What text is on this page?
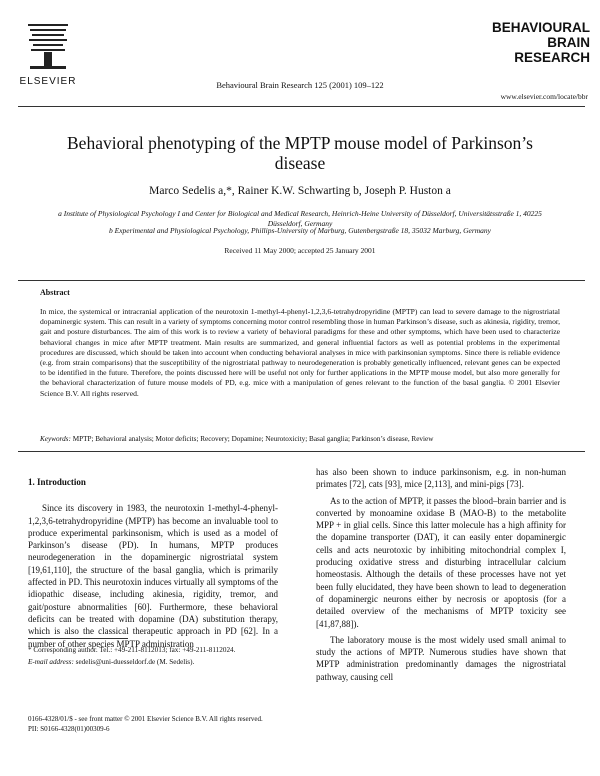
ELSEVIER	Behavioural Brain Research 125 (2001) 109–122
BEHAVIOURAL
BRAIN
RESEARCH
www.elsevier.com/locate/bbr
Behavioral phenotyping of the MPTP mouse model of Parkinson’s disease
Marco Sedelis a,*, Rainer K.W. Schwarting b, Joseph P. Huston a
a Institute of Physiological Psychology I and Center for Biological and Medical Research, Heinrich-Heine University of Düsseldorf, Universitätsstraße 1, 40225 Düsseldorf, Germany
b Experimental and Physiological Psychology, Phillips-University of Marburg, Gutenbergstraße 18, 35032 Marburg, Germany
Received 11 May 2000; accepted 25 January 2001
Abstract
In mice, the systemical or intracranial application of the neurotoxin 1-methyl-4-phenyl-1,2,3,6-tetrahydropyridine (MPTP) can lead to severe damage to the nigrostriatal dopaminergic system. This can result in a variety of symptoms concerning motor control resembling those in human Parkinson’s disease, such as akinesia, rigidity, tremor, gait and posture disturbances. The aim of this work is to review a variety of behavioral paradigms for these and other symptoms, which have been used to characterize behavioral changes in mice after MPTP treatment. Main results are summarized, and general influential factors as well as potential problems in the experimental procedures are discussed, which should be taken into account when conducting behavioral analyses in mice with parkinsonian symptoms. Since there is reliable evidence (e.g. from strain comparisons) that the susceptibility of the nigrostriatal pathway to neurodegeneration is probably genetically influenced, relevant genes can be expected to be identified in the future. Therefore, the points discussed here will be useful not only for further applications in the MPTP mouse model, but also more generally for the behavioral characterization of future mouse models of PD, e.g. mice with a manipulation of genes relevant to the function of the basal ganglia. © 2001 Elsevier Science B.V. All rights reserved.
Keywords: MPTP; Behavioral analysis; Motor deficits; Recovery; Dopamine; Neurotoxicity; Basal ganglia; Parkinson’s disease, Review
1. Introduction

Since its discovery in 1983, the neurotoxin 1-methyl-4-phenyl-1,2,3,6-tetrahydropyridine (MPTP) has become an invaluable tool to produce experimental parkinsonism, which is used as a model of Parkinson’s disease (PD). In humans, MPTP produces neurodegeneration in the dopaminergic nigrostriatal system [19,61,110], the structure of the basal ganglia, which is primarily affected in PD. This neurotoxin induces virtually all symptoms of the idiopathic disease, including akinesia, rigidity, tremor, and gait/posture abnormalities [60]. Furthermore, these behavioral deficits can be treated with dopamine (DA) substitution therapy, which is also the classical therapeutic approach in PD [62]. In a number of other species MPTP administration

has also been shown to induce parkinsonism, e.g. in non-human primates [72], cats [93], mice [2,113], and mini-pigs [73].

As to the action of MPTP, it passes the blood–brain barrier and is converted by monoamine oxidase B (MAO-B) to the metabolite MPP + in glial cells. Since this latter molecule has a high affinity for the dopamine transporter (DAT), it can easily enter dopaminergic cells and acts neurotoxic by inhibiting mitochondrial complex I, producing oxidative stress and disturbing intracellular calcium homeostasis. Although the details of these processes have not yet been fully elucidated, they have been shown to lead to degeneration of dopaminergic neurons either by necrosis or apoptosis (for a detailed overview of the mechanisms of MPTP toxicity see [41,87,88]).

The laboratory mouse is the most widely used small animal to study the actions of MPTP. Numerous studies have shown that MPTP administration predominantly damages the nigrostriatal pathway, causing cell

* Corresponding author. Tel.: +49-211-8112013; fax: +49-211-8112024.
E-mail address: sedelis@uni-duesseldorf.de (M. Sedelis).
0166-4328/01/$ - see front matter © 2001 Elsevier Science B.V. All rights reserved.
PII: S0166-4328(01)00309-6
